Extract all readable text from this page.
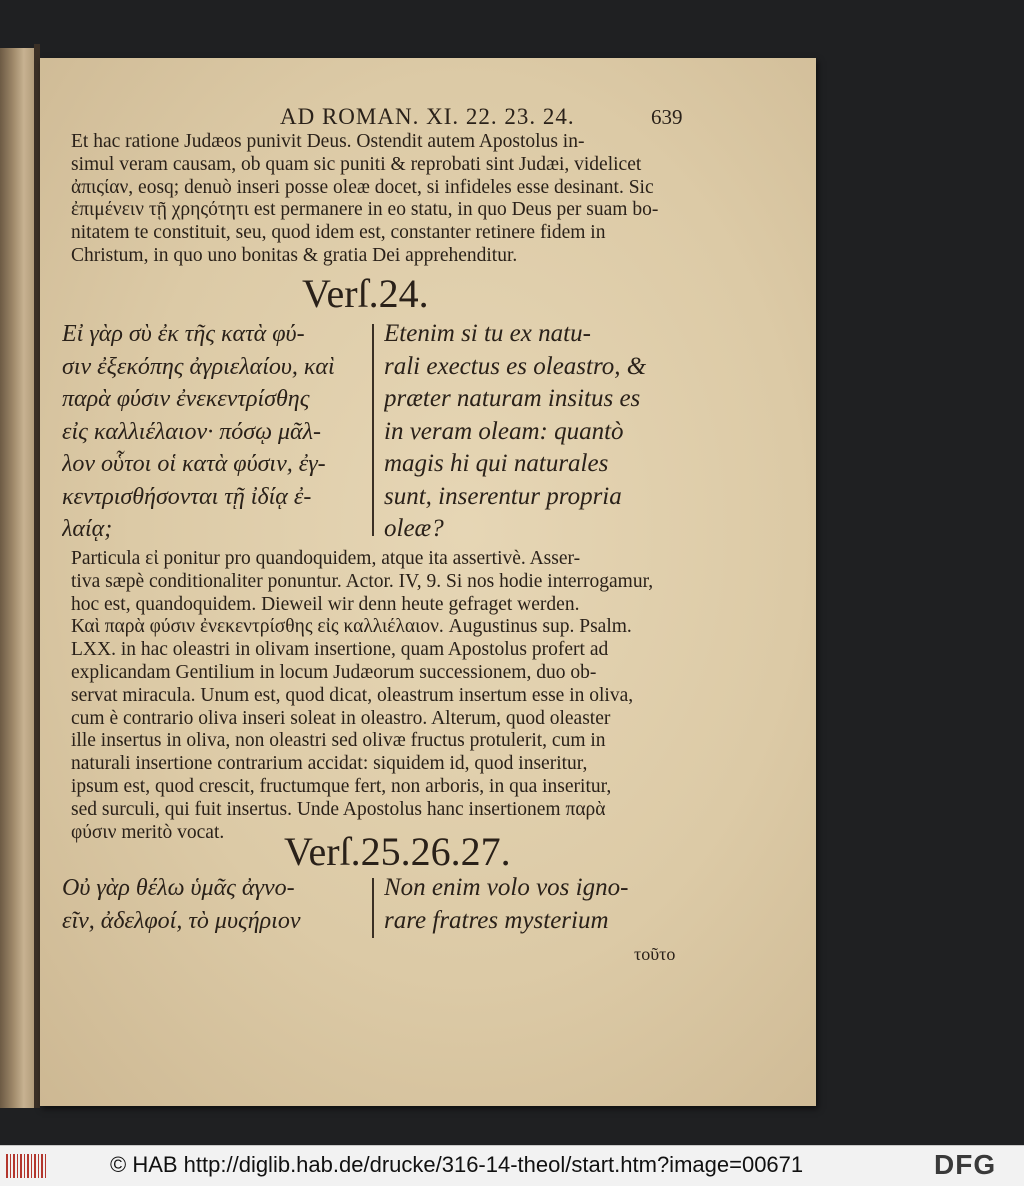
AD ROMAN. XI. 22. 23. 24.	639
Et hac ratione Judæos punivit Deus. Ostendit autem Apostolus in-
simul veram causam, ob quam sic puniti & reprobati sint Judæi, videlicet
ἀπιςίαν, eosq; denuò inseri posse oleæ docet, si infideles esse desinant. Sic
ἐπιμένειν τῇ χρηςότητι est permanere in eo statu, in quo Deus per suam bo-
nitatem te constituit, seu, quod idem est, constanter retinere fidem in
Christum, in quo uno bonitas & gratia Dei apprehenditur.
Verſ.24.
Εἰ γὰρ σὺ ἐκ τῆς κατὰ φύ-
σιν ἐξεκόπης ἀγριελαίου, καὶ
παρὰ φύσιν ἐνεκεντρίσθης
εἰς καλλιέλαιον· πόσῳ μᾶλ-
λον οὗτοι οἱ κατὰ φύσιν, ἐγ-
κεντρισθήσονται τῇ ἰδίᾳ ἐ-
λαίᾳ;
Etenim si tu ex natu-
rali exectus es oleastro, &
præter naturam insitus es
in veram oleam: quantò
magis hi qui naturales
sunt, inserentur propria
oleæ?
Particula εἰ ponitur pro quandoquidem, atque ita assertivè. Asser-
tiva sæpè conditionaliter ponuntur. Actor. IV, 9. Si nos hodie interrogamur,
hoc est, quandoquidem. Dieweil wir denn heute gefraget werden.
Καὶ παρὰ φύσιν ἐνεκεντρίσθης εἰς καλλιέλαιον. Augustinus sup. Psalm.
LXX. in hac oleastri in olivam insertione, quam Apostolus profert ad
explicandam Gentilium in locum Judæorum successionem, duo ob-
servat miracula. Unum est, quod dicat, oleastrum insertum esse in oliva,
cum è contrario oliva inseri soleat in oleastro. Alterum, quod oleaster
ille insertus in oliva, non oleastri sed olivæ fructus protulerit, cum in
naturali insertione contrarium accidat: siquidem id, quod inseritur,
ipsum est, quod crescit, fructumque fert, non arboris, in qua inseritur,
sed surculi, qui fuit insertus. Unde Apostolus hanc insertionem παρὰ
φύσιν meritò vocat.	Verſ.25.26.27.
Οὐ γὰρ θέλω ὑμᾶς ἀγνο-
εῖν, ἀδελφοί, τὸ μυςήριον
Non enim volo vos igno-
rare fratres mysterium
τοῦτο
© HAB http://diglib.hab.de/drucke/316-14-theol/start.htm?image=00671	DFG
